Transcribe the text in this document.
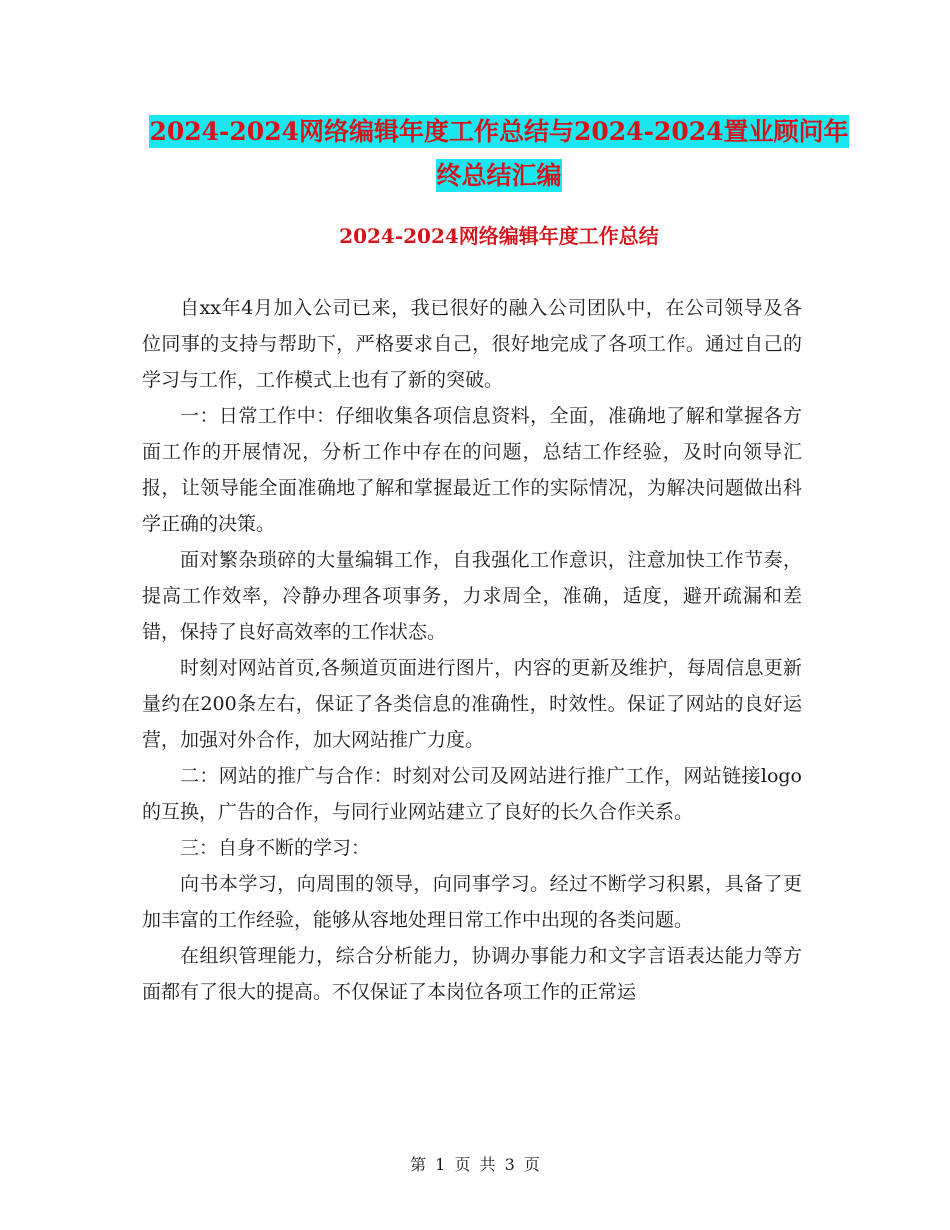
2024-2024网络编辑年度工作总结与2024-2024置业顾问年终总结汇编
2024-2024网络编辑年度工作总结

自xx年4月加入公司已来，我已很好的融入公司团队中，在公司领导及各位同事的支持与帮助下，严格要求自己，很好地完成了各项工作。通过自己的学习与工作，工作模式上也有了新的突破。

一：日常工作中：仔细收集各项信息资料，全面，准确地了解和掌握各方面工作的开展情况，分析工作中存在的问题，总结工作经验，及时向领导汇报，让领导能全面准确地了解和掌握最近工作的实际情况，为解决问题做出科学正确的决策。

面对繁杂琐碎的大量编辑工作，自我强化工作意识，注意加快工作节奏，提高工作效率，冷静办理各项事务，力求周全，准确，适度，避开疏漏和差错，保持了良好高效率的工作状态。

时刻对网站首页,各频道页面进行图片，内容的更新及维护，每周信息更新量约在200条左右，保证了各类信息的准确性，时效性。保证了网站的良好运营，加强对外合作，加大网站推广力度。

二：网站的推广与合作：时刻对公司及网站进行推广工作，网站链接logo的互换，广告的合作，与同行业网站建立了良好的长久合作关系。

三：自身不断的学习：

向书本学习，向周围的领导，向同事学习。经过不断学习积累，具备了更加丰富的工作经验，能够从容地处理日常工作中出现的各类问题。

在组织管理能力，综合分析能力，协调办事能力和文字言语表达能力等方面都有了很大的提高。不仅保证了本岗位各项工作的正常运

第 1 页 共 3 页
